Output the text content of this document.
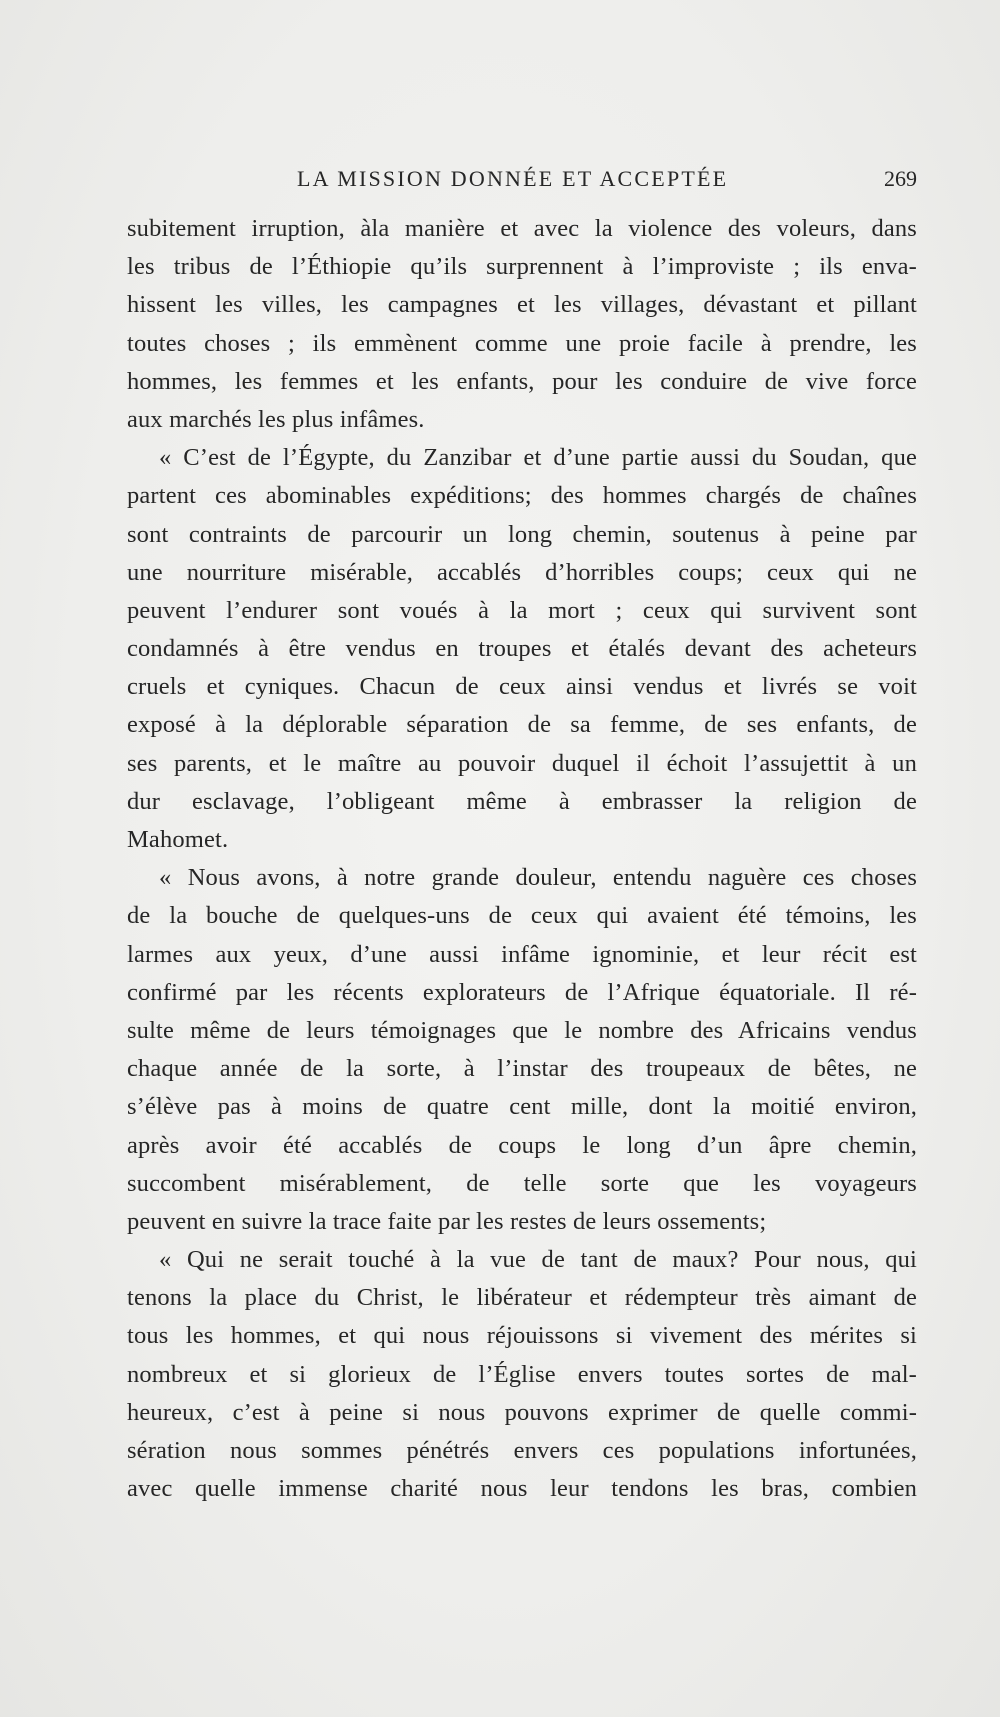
LA MISSION DONNÉE ET ACCEPTÉE	269
subitement irruption, àla manière et avec la violence des voleurs, dans
les tribus de l’Éthiopie qu’ils surprennent à l’improviste ; ils enva-
hissent les villes, les campagnes et les villages, dévastant et pillant
toutes choses ; ils emmènent comme une proie facile à prendre, les
hommes, les femmes et les enfants, pour les conduire de vive force
aux marchés les plus infâmes.
« C’est de l’Égypte, du Zanzibar et d’une partie aussi du Soudan, que
partent ces abominables expéditions; des hommes chargés de chaînes
sont contraints de parcourir un long chemin, soutenus à peine par
une nourriture misérable, accablés d’horribles coups; ceux qui ne
peuvent l’endurer sont voués à la mort ; ceux qui survivent sont
condamnés à être vendus en troupes et étalés devant des acheteurs
cruels et cyniques. Chacun de ceux ainsi vendus et livrés se voit
exposé à la déplorable séparation de sa femme, de ses enfants, de
ses parents, et le maître au pouvoir duquel il échoit l’assujettit à un
dur esclavage, l’obligeant même à embrasser la religion de
Mahomet.
« Nous avons, à notre grande douleur, entendu naguère ces choses
de la bouche de quelques-uns de ceux qui avaient été témoins, les
larmes aux yeux, d’une aussi infâme ignominie, et leur récit est
confirmé par les récents explorateurs de l’Afrique équatoriale. Il ré-
sulte même de leurs témoignages que le nombre des Africains vendus
chaque année de la sorte, à l’instar des troupeaux de bêtes, ne
s’élève pas à moins de quatre cent mille, dont la moitié environ,
après avoir été accablés de coups le long d’un âpre chemin,
succombent misérablement, de telle sorte que les voyageurs
peuvent en suivre la trace faite par les restes de leurs ossements;
« Qui ne serait touché à la vue de tant de maux? Pour nous, qui
tenons la place du Christ, le libérateur et rédempteur très aimant de
tous les hommes, et qui nous réjouissons si vivement des mérites si
nombreux et si glorieux de l’Église envers toutes sortes de mal-
heureux, c’est à peine si nous pouvons exprimer de quelle commi-
sération nous sommes pénétrés envers ces populations infortunées,
avec quelle immense charité nous leur tendons les bras, combien
